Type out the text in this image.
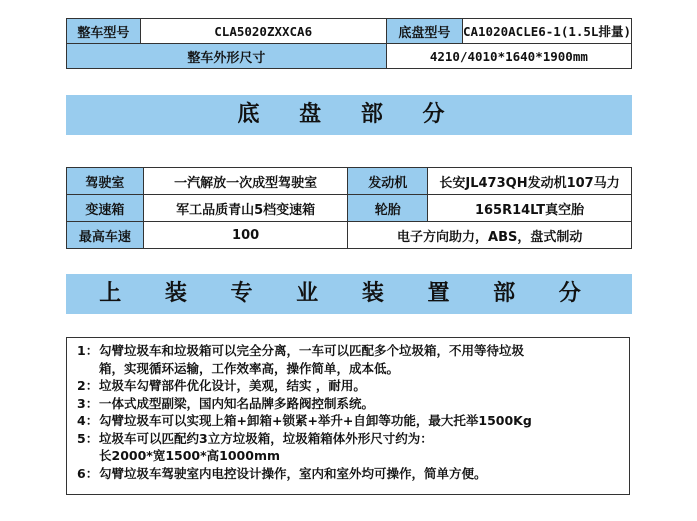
整车型号	CLA5020ZXXCA6	底盘型号	CA1020ACLE6-1(1.5L排量)
整车外形尺寸		4210/4010*1640*1900mm	
底 盘 部 分
驾驶室	一汽解放一次成型驾驶室	发动机	长安JL473QH发动机107马力
变速箱	军工品质青山5档变速箱	轮胎	165R14LT真空胎
最高车速	100	电子方向助力，ABS，盘式制动	
上 装 专 业 装 置 部 分
1： 勾臂垃圾车和垃圾箱可以完全分离，一车可以匹配多个垃圾箱，不用等待垃圾
箱，实现循环运输，工作效率高，操作简单，成本低。
2： 垃圾车勾臂部件优化设计，美观，结实 ，耐用。
3： 一体式成型副梁，国内知名品牌多路阀控制系统。
4： 勾臂垃圾车可以实现上箱+卸箱+锁紧+举升+自卸等功能，最大托举1500Kg
5： 垃圾车可以匹配约3立方垃圾箱，垃圾箱箱体外形尺寸约为：
长2000*宽1500*高1000mm
6： 勾臂垃圾车驾驶室内电控设计操作，室内和室外均可操作，简单方便。
